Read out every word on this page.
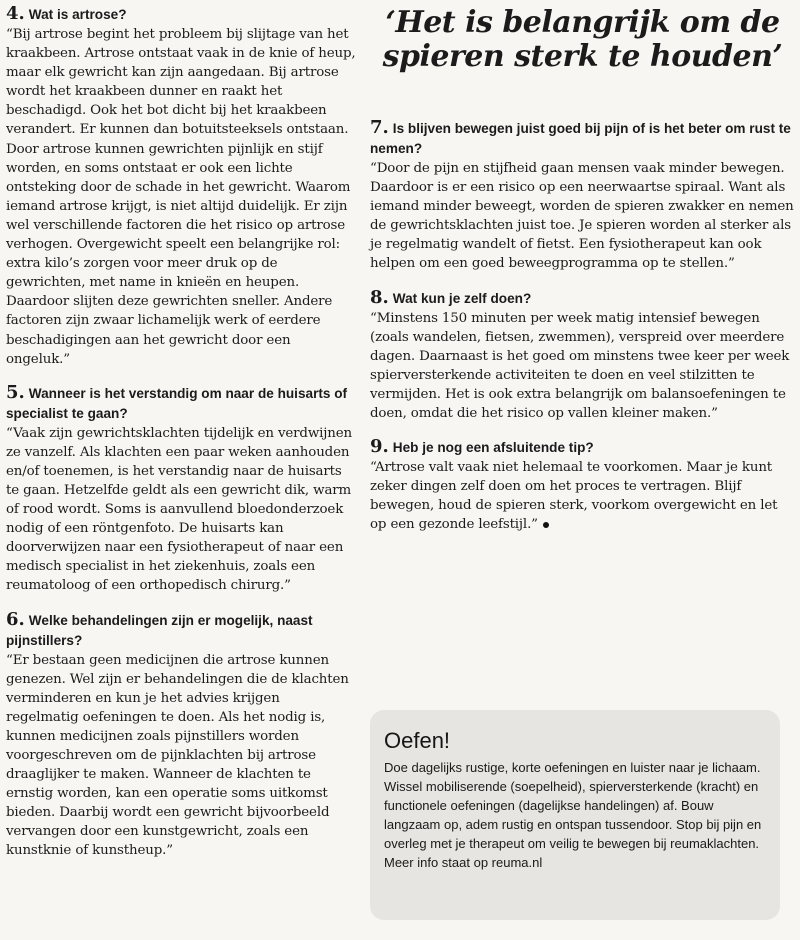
4. Wat is artrose?

“Bij artrose begint het probleem bij slijtage van het kraakbeen. Artrose ontstaat vaak in de knie of heup, maar elk gewricht kan zijn aangedaan. Bij artrose wordt het kraakbeen dunner en raakt het beschadigd. Ook het bot dicht bij het kraakbeen verandert. Er kunnen dan botuitsteeksels ontstaan. Door artrose kunnen gewrichten pijnlijk en stijf worden, en soms ontstaat er ook een lichte ontsteking door de schade in het gewricht. Waarom iemand artrose krijgt, is niet altijd duidelijk. Er zijn wel verschillende factoren die het risico op artrose verhogen. Overgewicht speelt een belangrijke rol: extra kilo’s zorgen voor meer druk op de gewrichten, met name in knieën en heupen. Daardoor slijten deze gewrichten sneller. Andere factoren zijn zwaar lichamelijk werk of eerdere beschadigingen aan het gewricht door een ongeluk.”

5. Wanneer is het verstandig om naar de huisarts of specialist te gaan?

“Vaak zijn gewrichtsklachten tijdelijk en verdwijnen ze vanzelf. Als klachten een paar weken aanhouden en/of toenemen, is het verstandig naar de huisarts te gaan. Hetzelfde geldt als een gewricht dik, warm of rood wordt. Soms is aanvullend bloedonderzoek nodig of een röntgenfoto. De huisarts kan doorverwijzen naar een fysiotherapeut of naar een medisch specialist in het ziekenhuis, zoals een reumatoloog of een orthopedisch chirurg.”

6. Welke behandelingen zijn er mogelijk, naast pijnstillers?

“Er bestaan geen medicijnen die artrose kunnen genezen. Wel zijn er behandelingen die de klachten verminderen en kun je het advies krijgen regelmatig oefeningen te doen. Als het nodig is, kunnen medicijnen zoals pijnstillers worden voorgeschreven om de pijnklachten bij artrose draaglijker te maken. Wanneer de klachten te ernstig worden, kan een operatie soms uitkomst bieden. Daarbij wordt een gewricht bijvoorbeeld vervangen door een kunstgewricht, zoals een kunstknie of kunstheup.”

‘Het is belangrijk om de spieren sterk te houden’

7. Is blijven bewegen juist goed bij pijn of is het beter om rust te nemen?

“Door de pijn en stijfheid gaan mensen vaak minder bewegen. Daardoor is er een risico op een neerwaartse spiraal. Want als iemand minder beweegt, worden de spieren zwakker en nemen de gewrichtsklachten juist toe. Je spieren worden al sterker als je regelmatig wandelt of fietst. Een fysiotherapeut kan ook helpen om een goed beweegprogramma op te stellen.”

8. Wat kun je zelf doen?

“Minstens 150 minuten per week matig intensief bewegen (zoals wandelen, fietsen, zwemmen), verspreid over meerdere dagen. Daarnaast is het goed om minstens twee keer per week spierversterkende activiteiten te doen en veel stilzitten te vermijden. Het is ook extra belangrijk om balansoefeningen te doen, omdat die het risico op vallen kleiner maken.”

9. Heb je nog een afsluitende tip?

“Artrose valt vaak niet helemaal te voorkomen. Maar je kunt zeker dingen zelf doen om het proces te vertragen. Blijf bewegen, houd de spieren sterk, voorkom overgewicht en let op een gezonde leefstijl.”

Oefen!

Doe dagelijks rustige, korte oefeningen en luister naar je lichaam. Wissel mobiliserende (soepelheid), spierversterkende (kracht) en functionele oefeningen (dagelijkse handelingen) af. Bouw langzaam op, adem rustig en ontspan tussendoor. Stop bij pijn en overleg met je therapeut om veilig te bewegen bij reumaklachten. Meer info staat op reuma.nl
